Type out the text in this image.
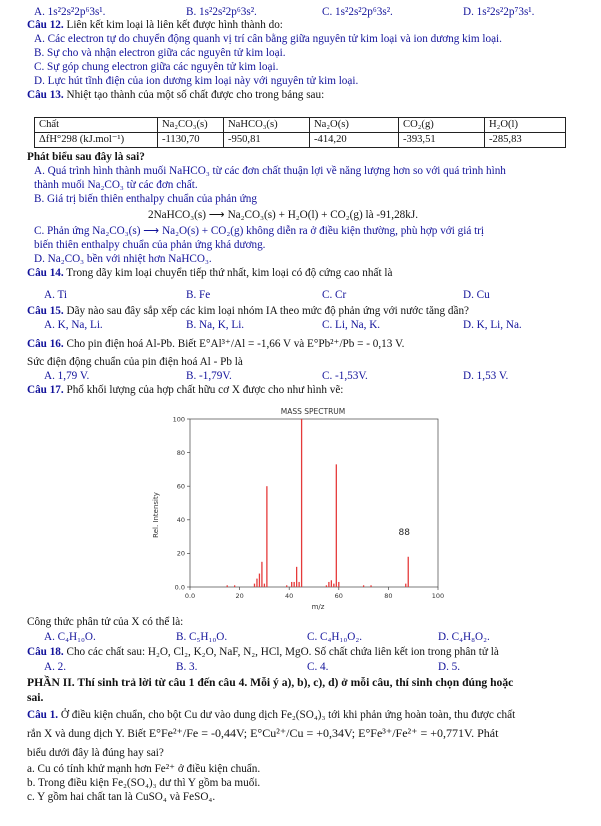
A. 1s²2s²2p⁶3s¹.	B. 1s²2s²2p⁶3s².	C. 1s²2s²2p⁶3s².	D. 1s²2s²2p⁷3s¹.
Câu 12. Liên kết kim loại là liên kết được hình thành do:
A. Các electron tự do chuyển động quanh vị trí cân bằng giữa nguyên tử kim loại và ion dương kim loại.
B. Sự cho và nhận electron giữa các nguyên tử kim loại.
C. Sự góp chung electron giữa các nguyên tử kim loại.
D. Lực hút tĩnh điện của ion dương kim loại này với nguyên tử kim loại.
Câu 13. Nhiệt tạo thành của một số chất được cho trong bảng sau:
Chất	Na₂CO₃(s)	NaHCO₃(s)	Na₂O(s)	CO₂(g)	H₂O(l)
ΔfH°298 (kJ.mol⁻¹)	-1130,70	-950,81	-414,20	-393,51	-285,83
Phát biểu sau đây là sai?
A. Quá trình hình thành muối NaHCO₃ từ các đơn chất thuận lợi về năng lượng hơn so với quá trình hình
thành muối Na₂CO₃ từ các đơn chất.
B. Giá trị biến thiên enthalpy chuẩn của phản ứng
2NaHCO₃(s) ⟶ Na₂CO₃(s) + H₂O(l) + CO₂(g) là -91,28kJ.
C. Phản ứng Na₂CO₃(s) ⟶ Na₂O(s) + CO₂(g) không diễn ra ở điều kiện thường, phù hợp với giá trị
biến thiên enthalpy chuẩn của phản ứng khá dương.
D. Na₂CO₃ bền với nhiệt hơn NaHCO₃.
Câu 14. Trong dãy kim loại chuyển tiếp thứ nhất, kim loại có độ cứng cao nhất là
A. Ti	B. Fe	C. Cr	D. Cu
Câu 15. Dãy nào sau đây sắp xếp các kim loại nhóm IA theo mức độ phản ứng với nước tăng dần?
A. K, Na, Li.	B. Na, K, Li.	C. Li, Na, K.	D. K, Li, Na.
Câu 16. Cho pin điện hoá Al-Pb. Biết E°Al³⁺/Al = -1,66 V và E°Pb²⁺/Pb = - 0,13 V.
Sức điện động chuẩn của pin điện hoá Al - Pb là
A. 1,79 V.	B. -1,79V.	C. -1,53V.	D. 1,53 V.
Câu 17. Phổ khối lượng của hợp chất hữu cơ X được cho như hình vẽ:
MASS SPECTRUM
Rel. Intensity
m/z
0.0
0.0
20
20
40
40
60
60
80
80
100
100
88
Công thức phân tử của X có thể là:
A. C₄H₁₀O.	B. C₅H₁₀O.	C. C₄H₁₀O₂.	D. C₄H₈O₂.
Câu 18. Cho các chất sau: H₂O, Cl₂, K₂O, NaF, N₂, HCl, MgO. Số chất chứa liên kết ion trong phân tử là
A. 2.	B. 3.	C. 4.	D. 5.
PHẦN II. Thí sinh trả lời từ câu 1 đến câu 4. Mỗi ý a), b), c), d) ở mỗi câu, thí sinh chọn đúng hoặc
sai.
Câu 1. Ở điều kiện chuẩn, cho bột Cu dư vào dung dịch Fe₂(SO₄)₃ tới khi phản ứng hoàn toàn, thu được chất
rắn X và dung dịch Y. Biết E°Fe²⁺/Fe = -0,44V; E°Cu²⁺/Cu = +0,34V; E°Fe³⁺/Fe²⁺ = +0,771V. Phát
biểu dưới đây là đúng hay sai?
a. Cu có tính khử mạnh hơn Fe²⁺ ở điều kiện chuẩn.
b. Trong điều kiện Fe₂(SO₄)₃ dư thì Y gồm ba muối.
c. Y gồm hai chất tan là CuSO₄ và FeSO₄.
